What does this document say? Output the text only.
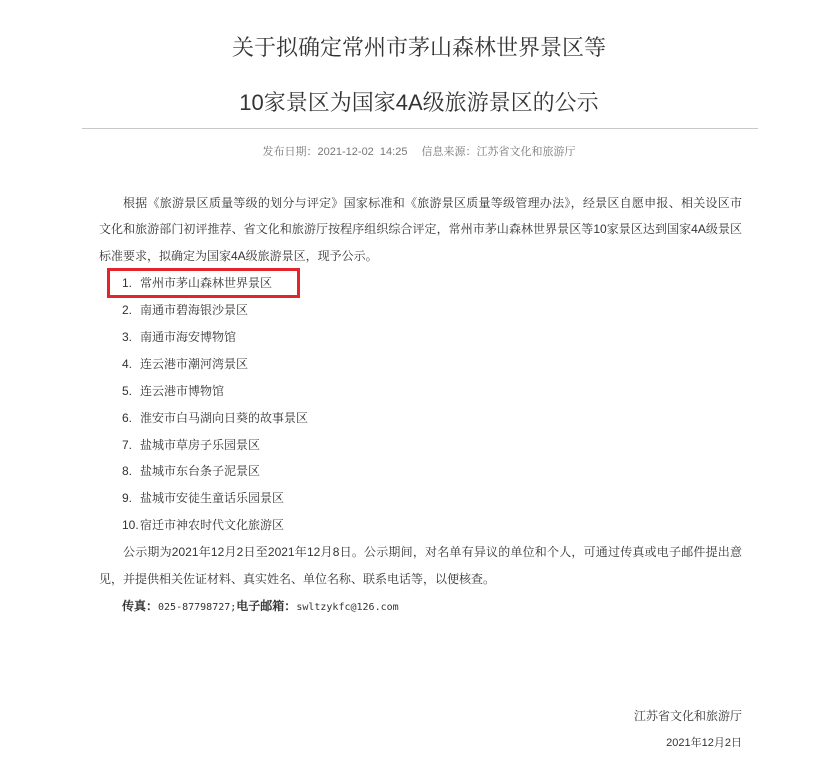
关于拟确定常州市茅山森林世界景区等
10家景区为国家4A级旅游景区的公示
发布日期：2021-12-02  14:25 信息来源：江苏省文化和旅游厅
根据《旅游景区质量等级的划分与评定》国家标准和《旅游景区质量等级管理办法》，经景区自愿申报、相关设区市
文化和旅游部门初评推荐、省文化和旅游厅按程序组织综合评定，常州市茅山森林世界景区等10家景区达到国家4A级景区
标准要求，拟确定为国家4A级旅游景区，现予公示。
1. 常州市茅山森林世界景区
2. 南通市碧海银沙景区
3. 南通市海安博物馆
4. 连云港市潮河湾景区
5. 连云港市博物馆
6. 淮安市白马湖向日葵的故事景区
7. 盐城市草房子乐园景区
8. 盐城市东台条子泥景区
9. 盐城市安徒生童话乐园景区
10. 宿迁市神农时代文化旅游区
公示期为2021年12月2日至2021年12月8日。公示期间，对名单有异议的单位和个人，可通过传真或电子邮件提出意
见，并提供相关佐证材料、真实姓名、单位名称、联系电话等，以便核查。
传真：025-87798727;电子邮箱：swltzykfc@126.com
江苏省文化和旅游厅
2021年12月2日
